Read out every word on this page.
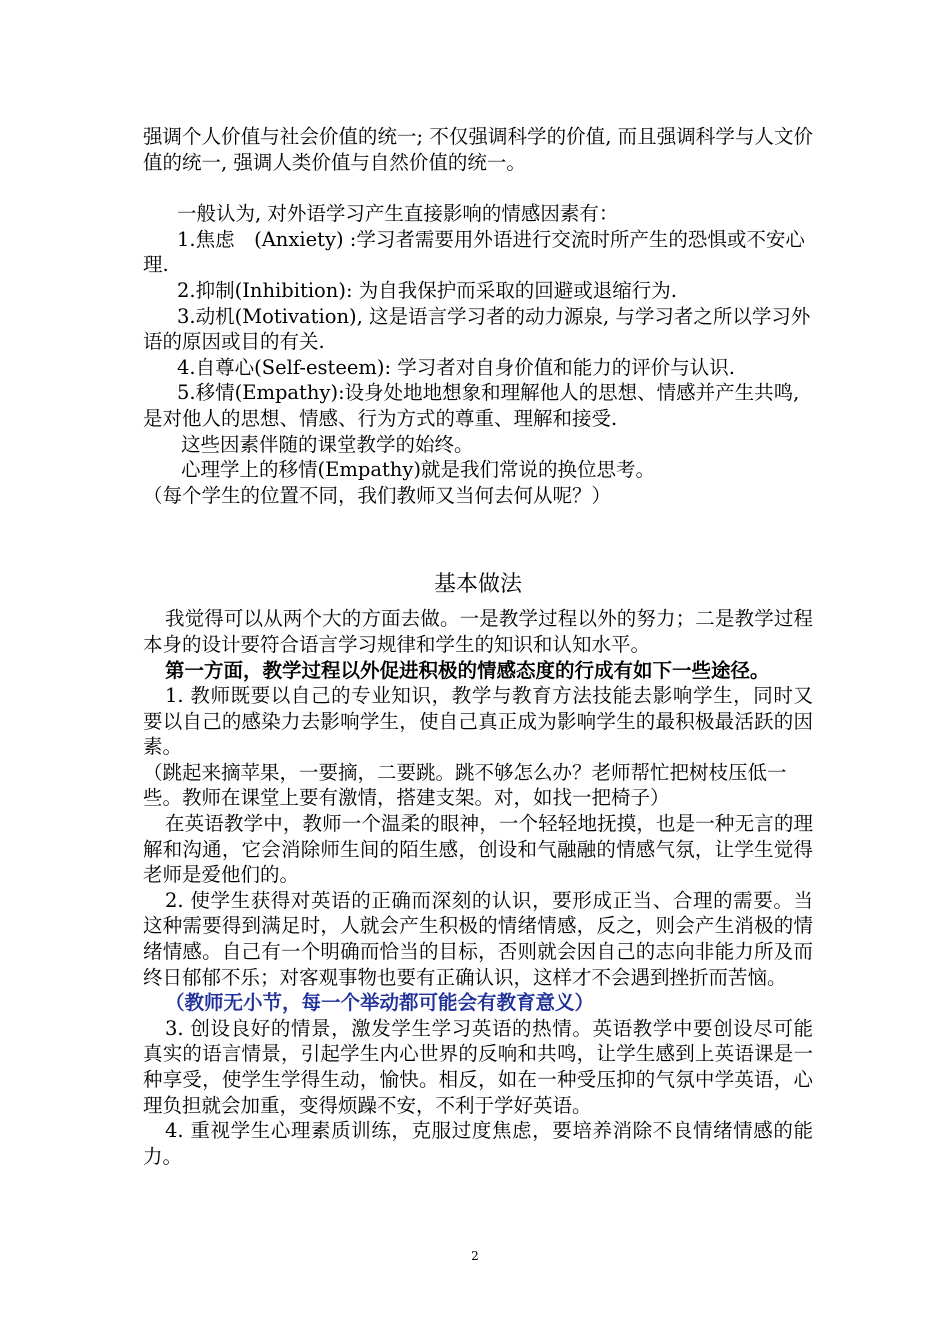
强调个人价值与社会价值的统一; 不仅强调科学的价值, 而且强调科学与人文价值的统一, 强调人类价值与自然价值的统一。

一般认为, 对外语学习产生直接影响的情感因素有：

1.焦虑　(Anxiety) :学习者需要用外语进行交流时所产生的恐惧或不安心理.

2.抑制(Inhibition): 为自我保护而采取的回避或退缩行为.

3.动机(Motivation), 这是语言学习者的动力源泉, 与学习者之所以学习外语的原因或目的有关.

4.自尊心(Self-esteem): 学习者对自身价值和能力的评价与认识.

5.移情(Empathy):设身处地地想象和理解他人的思想、情感并产生共鸣, 是对他人的思想、情感、行为方式的尊重、理解和接受.

这些因素伴随的课堂教学的始终。

心理学上的移情(Empathy)就是我们常说的换位思考。

（每个学生的位置不同，我们教师又当何去何从呢？）

基本做法

我觉得可以从两个大的方面去做。一是教学过程以外的努力；二是教学过程本身的设计要符合语言学习规律和学生的知识和认知水平。

第一方面，教学过程以外促进积极的情感态度的行成有如下一些途径。

1. 教师既要以自己的专业知识，教学与教育方法技能去影响学生，同时又要以自己的感染力去影响学生，使自己真正成为影响学生的最积极最活跃的因素。

（跳起来摘苹果，一要摘，二要跳。跳不够怎么办？老师帮忙把树枝压低一些。教师在课堂上要有激情，搭建支架。对，如找一把椅子）

在英语教学中，教师一个温柔的眼神，一个轻轻地抚摸，也是一种无言的理解和沟通，它会消除师生间的陌生感，创设和气融融的情感气氛，让学生觉得老师是爱他们的。

2. 使学生获得对英语的正确而深刻的认识，要形成正当、合理的需要。当这种需要得到满足时，人就会产生积极的情绪情感，反之，则会产生消极的情绪情感。自己有一个明确而恰当的目标，否则就会因自己的志向非能力所及而终日郁郁不乐；对客观事物也要有正确认识，这样才不会遇到挫折而苦恼。

（教师无小节，每一个举动都可能会有教育意义）

3. 创设良好的情景，激发学生学习英语的热情。英语教学中要创设尽可能真实的语言情景，引起学生内心世界的反响和共鸣，让学生感到上英语课是一种享受，使学生学得生动，愉快。相反，如在一种受压抑的气氛中学英语，心理负担就会加重，变得烦躁不安，不利于学好英语。

4. 重视学生心理素质训练，克服过度焦虑，要培养消除不良情绪情感的能力。

2
